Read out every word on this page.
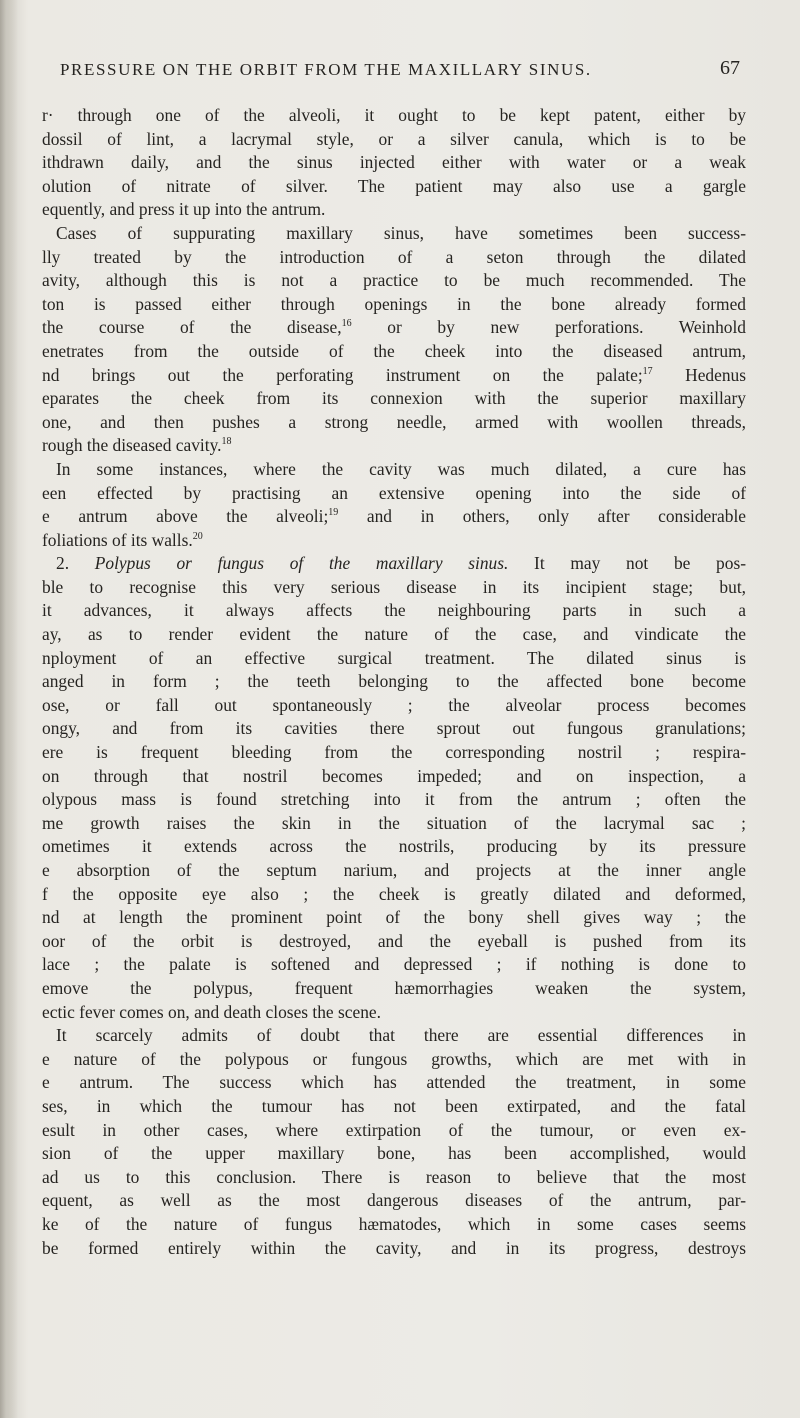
PRESSURE ON THE ORBIT FROM THE MAXILLARY SINUS.	67
r· through one of the alveoli, it ought to be kept patent, either by
dossil of lint, a lacrymal style, or a silver canula, which is to be
ithdrawn daily, and the sinus injected either with water or a weak
olution of nitrate of silver. The patient may also use a gargle
equently, and press it up into the antrum.
Cases of suppurating maxillary sinus, have sometimes been success-
lly treated by the introduction of a seton through the dilated
avity, although this is not a practice to be much recommended. The
ton is passed either through openings in the bone already formed
the course of the disease,$^{16}$ or by new perforations. Weinhold
enetrates from the outside of the cheek into the diseased antrum,
nd brings out the perforating instrument on the palate;$^{17}$ Hedenus
eparates the cheek from its connexion with the superior maxillary
one, and then pushes a strong needle, armed with woollen threads,
rough the diseased cavity.$^{18}$
In some instances, where the cavity was much dilated, a cure has
een effected by practising an extensive opening into the side of
e antrum above the alveoli;$^{19}$ and in others, only after considerable
foliations of its walls.$^{20}$
2. Polypus or fungus of the maxillary sinus. It may not be pos-
ble to recognise this very serious disease in its incipient stage; but,
it advances, it always affects the neighbouring parts in such a
ay, as to render evident the nature of the case, and vindicate the
nployment of an effective surgical treatment. The dilated sinus is
anged in form ; the teeth belonging to the affected bone become
ose, or fall out spontaneously ; the alveolar process becomes
ongy, and from its cavities there sprout out fungous granulations;
ere is frequent bleeding from the corresponding nostril ; respira-
on through that nostril becomes impeded; and on inspection, a
olypous mass is found stretching into it from the antrum ; often the
me growth raises the skin in the situation of the lacrymal sac ;
ometimes it extends across the nostrils, producing by its pressure
e absorption of the septum narium, and projects at the inner angle
f the opposite eye also ; the cheek is greatly dilated and deformed,
nd at length the prominent point of the bony shell gives way ; the
oor of the orbit is destroyed, and the eyeball is pushed from its
lace ; the palate is softened and depressed ; if nothing is done to
emove the polypus, frequent hæmorrhagies weaken the system,
ectic fever comes on, and death closes the scene.
It scarcely admits of doubt that there are essential differences in
e nature of the polypous or fungous growths, which are met with in
e antrum. The success which has attended the treatment, in some
ses, in which the tumour has not been extirpated, and the fatal
esult in other cases, where extirpation of the tumour, or even ex-
sion of the upper maxillary bone, has been accomplished, would
ad us to this conclusion. There is reason to believe that the most
equent, as well as the most dangerous diseases of the antrum, par-
ke of the nature of fungus hæmatodes, which in some cases seems
be formed entirely within the cavity, and in its progress, destroys
